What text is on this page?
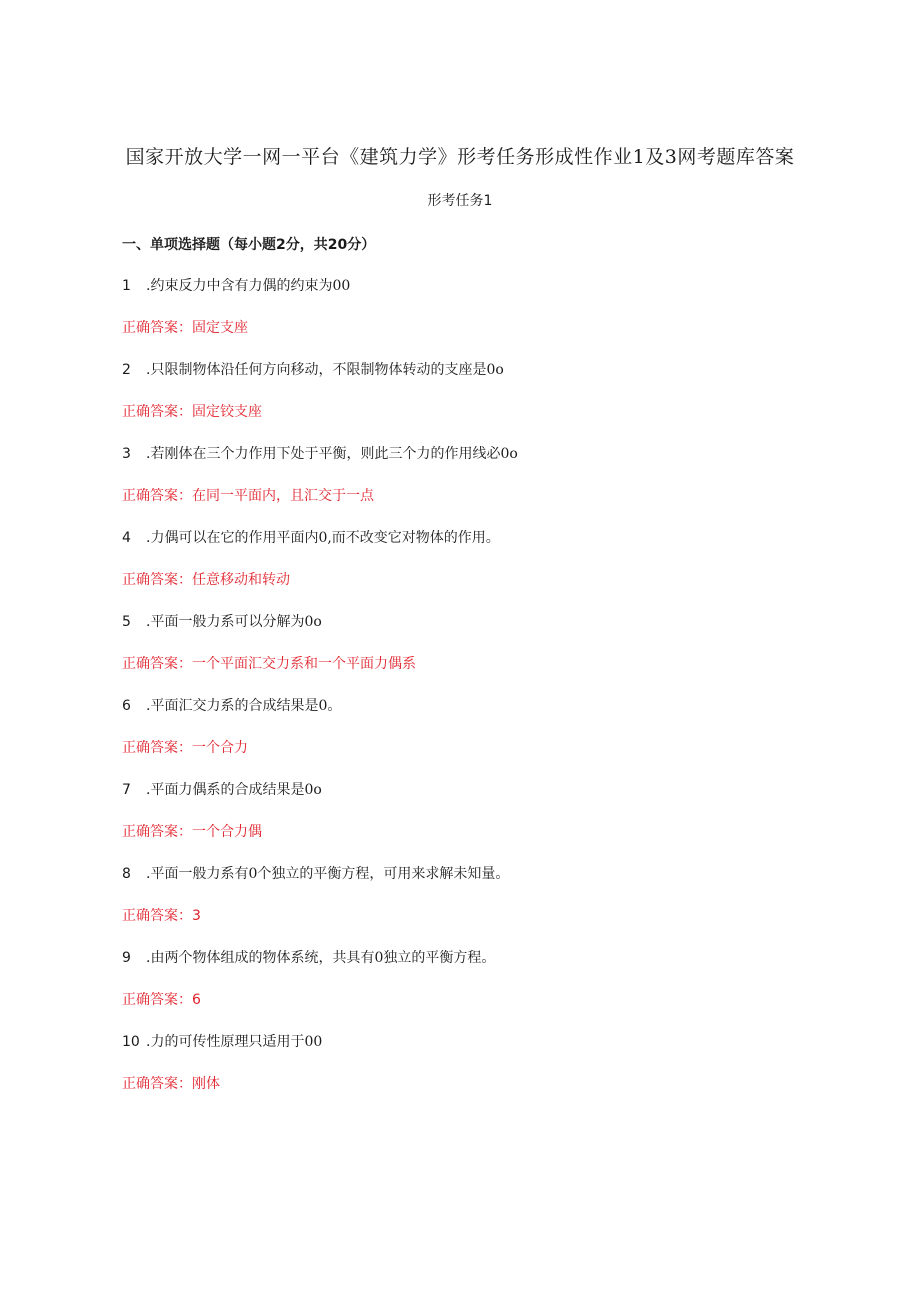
国家开放大学一网一平台《建筑力学》形考任务形成性作业1及3网考题库答案
形考任务1
一、单项选择题（每小题2分，共20分）
1 .约束反力中含有力偶的约束为00
正确答案：固定支座
2 .只限制物体沿任何方向移动，不限制物体转动的支座是0o
正确答案：固定铰支座
3 .若刚体在三个力作用下处于平衡，则此三个力的作用线必0o
正确答案：在同一平面内，且汇交于一点
4 .力偶可以在它的作用平面内0,而不改变它对物体的作用。
正确答案：任意移动和转动
5 .平面一般力系可以分解为0o
正确答案：一个平面汇交力系和一个平面力偶系
6 .平面汇交力系的合成结果是0。
正确答案：一个合力
7 .平面力偶系的合成结果是0o
正确答案：一个合力偶
8 .平面一般力系有0个独立的平衡方程，可用来求解未知量。
正确答案：3
9 .由两个物体组成的物体系统，共具有0独立的平衡方程。
正确答案：6
10 .力的可传性原理只适用于00
正确答案：刚体
